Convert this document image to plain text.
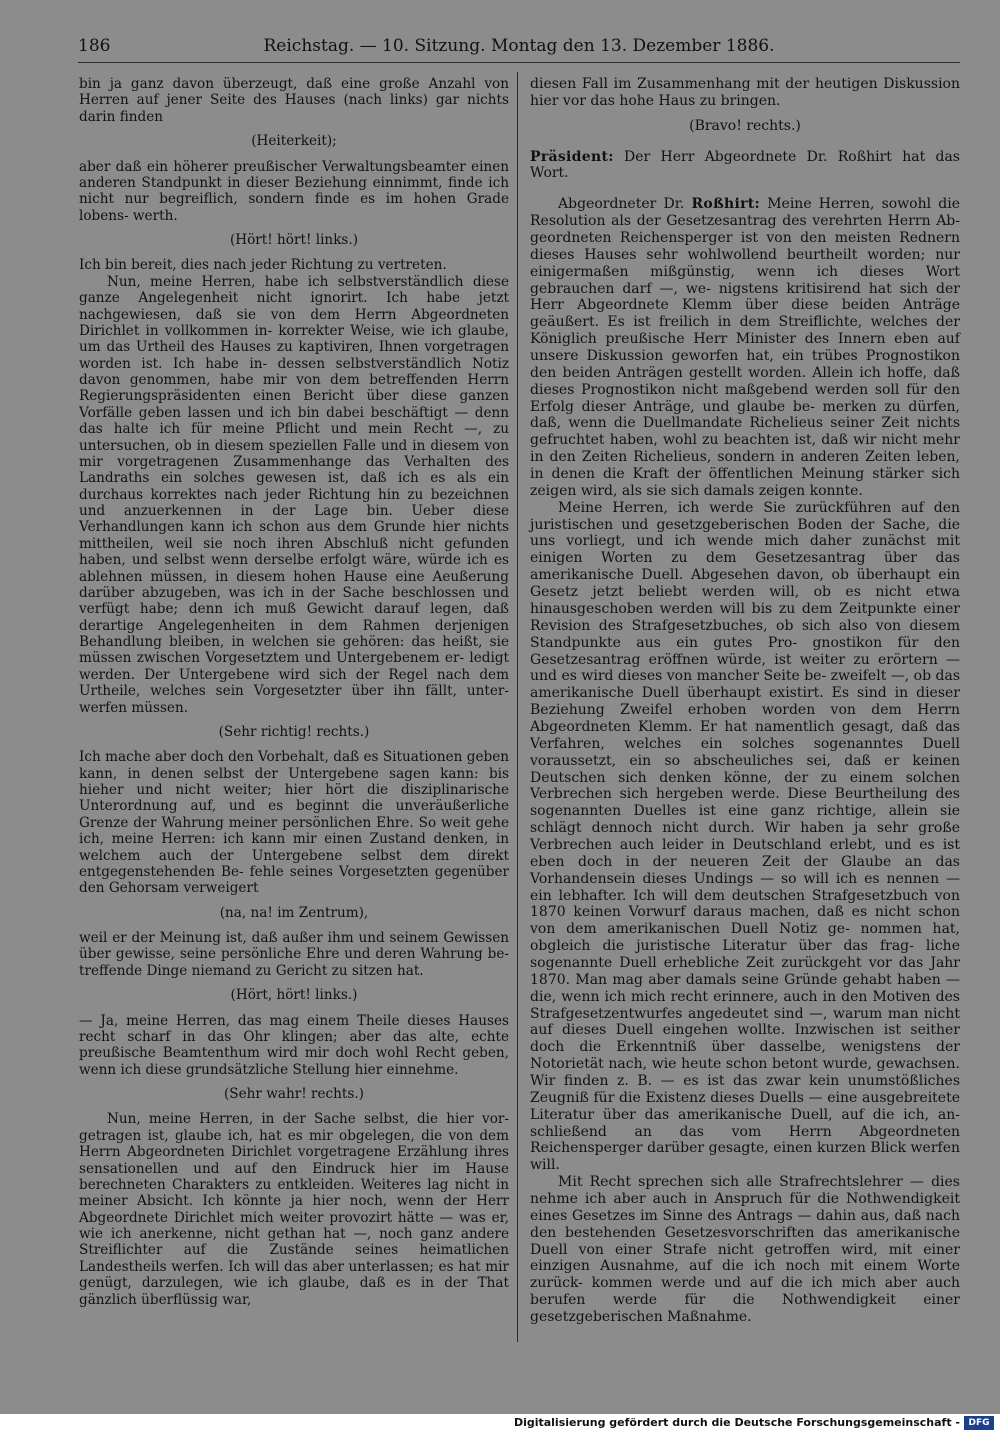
186	Reichstag. — 10. Sitzung. Montag den 13. Dezember 1886.

bin ja ganz davon überzeugt, daß eine große Anzahl von Herren auf jener Seite des Hauses (nach links) gar nichts darin finden

(Heiterkeit);

aber daß ein höherer preußischer Verwaltungsbeamter einen anderen Standpunkt in dieser Beziehung einnimmt, finde ich nicht nur begreiflich, sondern finde es im hohen Grade lobens- werth.

(Hört! hört! links.)

Ich bin bereit, dies nach jeder Richtung zu vertreten.

Nun, meine Herren, habe ich selbstverständlich diese ganze Angelegenheit nicht ignorirt. Ich habe jetzt nachgewiesen, daß sie von dem Herrn Abgeordneten Dirichlet in vollkommen in- korrekter Weise, wie ich glaube, um das Urtheil des Hauses zu kaptiviren, Ihnen vorgetragen worden ist. Ich habe in- dessen selbstverständlich Notiz davon genommen, habe mir von dem betreffenden Herrn Regierungspräsidenten einen Bericht über diese ganzen Vorfälle geben lassen und ich bin dabei beschäftigt — denn das halte ich für meine Pflicht und mein Recht —, zu untersuchen, ob in diesem speziellen Falle und in diesem von mir vorgetragenen Zusammenhange das Verhalten des Landraths ein solches gewesen ist, daß ich es als ein durchaus korrektes nach jeder Richtung hin zu bezeichnen und anzuerkennen in der Lage bin. Ueber diese Verhandlungen kann ich schon aus dem Grunde hier nichts mittheilen, weil sie noch ihren Abschluß nicht gefunden haben, und selbst wenn derselbe erfolgt wäre, würde ich es ablehnen müssen, in diesem hohen Hause eine Aeußerung darüber abzugeben, was ich in der Sache beschlossen und verfügt habe; denn ich muß Gewicht darauf legen, daß derartige Angelegenheiten in dem Rahmen derjenigen Behandlung bleiben, in welchen sie gehören: das heißt, sie müssen zwischen Vorgesetztem und Untergebenem er- ledigt werden. Der Untergebene wird sich der Regel nach dem Urtheile, welches sein Vorgesetzter über ihn fällt, unter- werfen müssen.

(Sehr richtig! rechts.)

Ich mache aber doch den Vorbehalt, daß es Situationen geben kann, in denen selbst der Untergebene sagen kann: bis hieher und nicht weiter; hier hört die disziplinarische Unterordnung auf, und es beginnt die unveräußerliche Grenze der Wahrung meiner persönlichen Ehre. So weit gehe ich, meine Herren: ich kann mir einen Zustand denken, in welchem auch der Untergebene selbst dem direkt entgegenstehenden Be- fehle seines Vorgesetzten gegenüber den Gehorsam verweigert

(na, na! im Zentrum),

weil er der Meinung ist, daß außer ihm und seinem Gewissen über gewisse, seine persönliche Ehre und deren Wahrung be- treffende Dinge niemand zu Gericht zu sitzen hat.

(Hört, hört! links.)

— Ja, meine Herren, das mag einem Theile dieses Hauses recht scharf in das Ohr klingen; aber das alte, echte preußische Beamtenthum wird mir doch wohl Recht geben, wenn ich diese grundsätzliche Stellung hier einnehme.

(Sehr wahr! rechts.)

Nun, meine Herren, in der Sache selbst, die hier vor- getragen ist, glaube ich, hat es mir obgelegen, die von dem Herrn Abgeordneten Dirichlet vorgetragene Erzählung ihres sensationellen und auf den Eindruck hier im Hause berechneten Charakters zu entkleiden. Weiteres lag nicht in meiner Absicht. Ich könnte ja hier noch, wenn der Herr Abgeordnete Dirichlet mich weiter provozirt hätte — was er, wie ich anerkenne, nicht gethan hat —, noch ganz andere Streiflichter auf die Zustände seines heimatlichen Landestheils werfen. Ich will das aber unterlassen; es hat mir genügt, darzulegen, wie ich glaube, daß es in der That gänzlich überflüssig war,

diesen Fall im Zusammenhang mit der heutigen Diskussion hier vor das hohe Haus zu bringen.

(Bravo! rechts.)

Präsident: Der Herr Abgeordnete Dr. Roßhirt hat das Wort.

Abgeordneter Dr. Roßhirt: Meine Herren, sowohl die Resolution als der Gesetzesantrag des verehrten Herrn Ab- geordneten Reichensperger ist von den meisten Rednern dieses Hauses sehr wohlwollend beurtheilt worden; nur einigermaßen mißgünstig, wenn ich dieses Wort gebrauchen darf —, we- nigstens kritisirend hat sich der Herr Abgeordnete Klemm über diese beiden Anträge geäußert. Es ist freilich in dem Streiflichte, welches der Königlich preußische Herr Minister des Innern eben auf unsere Diskussion geworfen hat, ein trübes Prognostikon den beiden Anträgen gestellt worden. Allein ich hoffe, daß dieses Prognostikon nicht maßgebend werden soll für den Erfolg dieser Anträge, und glaube be- merken zu dürfen, daß, wenn die Duellmandate Richelieus seiner Zeit nichts gefruchtet haben, wohl zu beachten ist, daß wir nicht mehr in den Zeiten Richelieus, sondern in anderen Zeiten leben, in denen die Kraft der öffentlichen Meinung stärker sich zeigen wird, als sie sich damals zeigen konnte.

Meine Herren, ich werde Sie zurückführen auf den juristischen und gesetzgeberischen Boden der Sache, die uns vorliegt, und ich wende mich daher zunächst mit einigen Worten zu dem Gesetzesantrag über das amerikanische Duell. Abgesehen davon, ob überhaupt ein Gesetz jetzt beliebt werden will, ob es nicht etwa hinausgeschoben werden will bis zu dem Zeitpunkte einer Revision des Strafgesetzbuches, ob sich also von diesem Standpunkte aus ein gutes Pro- gnostikon für den Gesetzesantrag eröffnen würde, ist weiter zu erörtern — und es wird dieses von mancher Seite be- zweifelt —, ob das amerikanische Duell überhaupt existirt. Es sind in dieser Beziehung Zweifel erhoben worden von dem Herrn Abgeordneten Klemm. Er hat namentlich gesagt, daß das Verfahren, welches ein solches sogenanntes Duell voraussetzt, ein so abscheuliches sei, daß er keinen Deutschen sich denken könne, der zu einem solchen Verbrechen sich hergeben werde. Diese Beurtheilung des sogenannten Duelles ist eine ganz richtige, allein sie schlägt dennoch nicht durch. Wir haben ja sehr große Verbrechen auch leider in Deutschland erlebt, und es ist eben doch in der neueren Zeit der Glaube an das Vorhandensein dieses Undings — so will ich es nennen — ein lebhafter. Ich will dem deutschen Strafgesetzbuch von 1870 keinen Vorwurf daraus machen, daß es nicht schon von dem amerikanischen Duell Notiz ge- nommen hat, obgleich die juristische Literatur über das frag- liche sogenannte Duell erhebliche Zeit zurückgeht vor das Jahr 1870. Man mag aber damals seine Gründe gehabt haben — die, wenn ich mich recht erinnere, auch in den Motiven des Strafgesetzentwurfes angedeutet sind —, warum man nicht auf dieses Duell eingehen wollte. Inzwischen ist seither doch die Erkenntniß über dasselbe, wenigstens der Notorietät nach, wie heute schon betont wurde, gewachsen. Wir finden z. B. — es ist das zwar kein unumstößliches Zeugniß für die Existenz dieses Duells — eine ausgebreitete Literatur über das amerikanische Duell, auf die ich, an- schließend an das vom Herrn Abgeordneten Reichensperger darüber gesagte, einen kurzen Blick werfen will.

Mit Recht sprechen sich alle Strafrechtslehrer — dies nehme ich aber auch in Anspruch für die Nothwendigkeit eines Gesetzes im Sinne des Antrags — dahin aus, daß nach den bestehenden Gesetzesvorschriften das amerikanische Duell von einer Strafe nicht getroffen wird, mit einer einzigen Ausnahme, auf die ich noch mit einem Worte zurück- kommen werde und auf die ich mich aber auch berufen werde für die Nothwendigkeit einer gesetzgeberischen Maßnahme.

Digitalisierung gefördert durch die Deutsche Forschungsgemeinschaft - DFG
